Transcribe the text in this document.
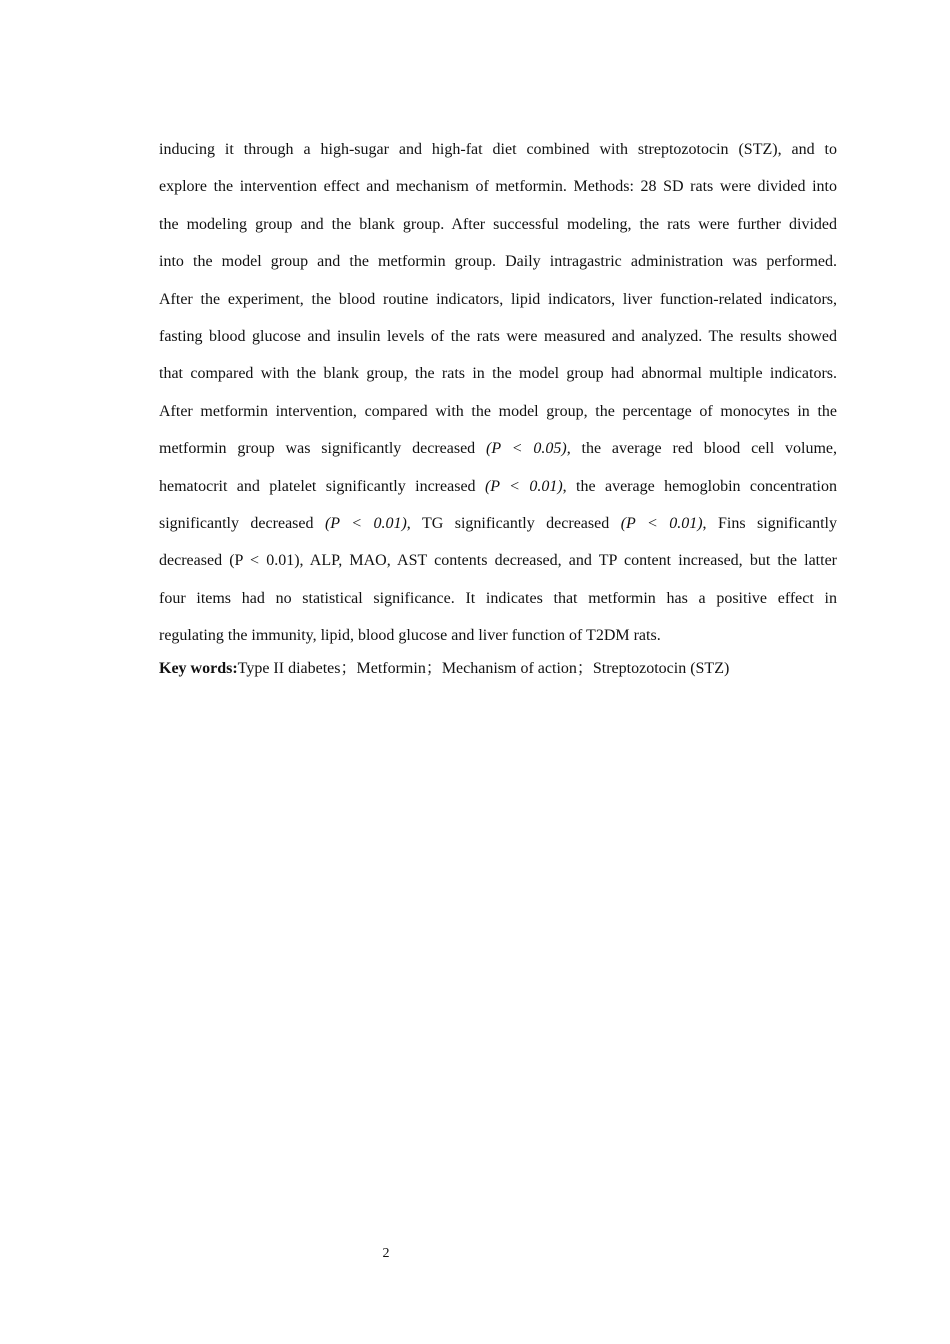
inducing it through a high-sugar and high-fat diet combined with streptozotocin (STZ), and to
explore the intervention effect and mechanism of metformin. Methods: 28 SD rats were divided into
the modeling group and the blank group. After successful modeling, the rats were further divided
into the model group and the metformin group. Daily intragastric administration was performed.
After the experiment, the blood routine indicators, lipid indicators, liver function-related indicators,
fasting blood glucose and insulin levels of the rats were measured and analyzed. The results showed
that compared with the blank group, the rats in the model group had abnormal multiple indicators.
After metformin intervention, compared with the model group, the percentage of monocytes in the
metformin group was significantly decreased (P < 0.05), the average red blood cell volume,
hematocrit and platelet significantly increased (P < 0.01), the average hemoglobin concentration
significantly decreased (P < 0.01), TG significantly decreased (P < 0.01), Fins significantly
decreased (P < 0.01), ALP, MAO, AST contents decreased, and TP content increased, but the latter
four items had no statistical significance. It indicates that metformin has a positive effect in
regulating the immunity, lipid, blood glucose and liver function of T2DM rats.
Key words:Type II diabetes；Metformin；Mechanism of action；Streptozotocin (STZ)
2
